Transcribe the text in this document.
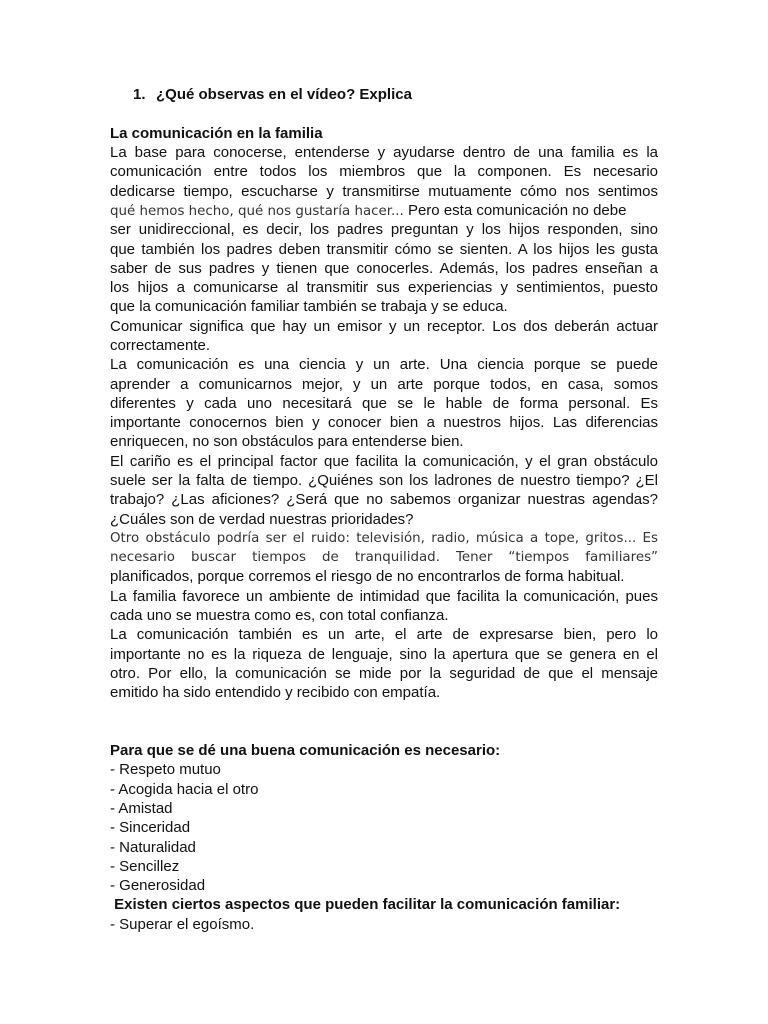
1. ¿Qué observas en el vídeo? Explica
La comunicación en la familia
La base para conocerse, entenderse y ayudarse dentro de una familia es la
comunicación entre todos los miembros que la componen. Es necesario
dedicarse tiempo, escucharse y transmitirse mutuamente cómo nos sentimos
qué hemos hecho, qué nos gustaría hacer... Pero esta comunicación no debe
ser unidireccional, es decir, los padres preguntan y los hijos responden, sino
que también los padres deben transmitir cómo se sienten. A los hijos les gusta
saber de sus padres y tienen que conocerles. Además, los padres enseñan a
los hijos a comunicarse al transmitir sus experiencias y sentimientos, puesto
que la comunicación familiar también se trabaja y se educa.
Comunicar significa que hay un emisor y un receptor. Los dos deberán actuar
correctamente.
La comunicación es una ciencia y un arte. Una ciencia porque se puede
aprender a comunicarnos mejor, y un arte porque todos, en casa, somos
diferentes y cada uno necesitará que se le hable de forma personal. Es
importante conocernos bien y conocer bien a nuestros hijos. Las diferencias
enriquecen, no son obstáculos para entenderse bien.
El cariño es el principal factor que facilita la comunicación, y el gran obstáculo
suele ser la falta de tiempo. ¿Quiénes son los ladrones de nuestro tiempo? ¿El
trabajo? ¿Las aficiones? ¿Será que no sabemos organizar nuestras agendas?
¿Cuáles son de verdad nuestras prioridades?
Otro obstáculo podría ser el ruido: televisión, radio, música a tope, gritos... Es
necesario buscar tiempos de tranquilidad. Tener “tiempos familiares”
planificados, porque corremos el riesgo de no encontrarlos de forma habitual.
La familia favorece un ambiente de intimidad que facilita la comunicación, pues
cada uno se muestra como es, con total confianza.
La comunicación también es un arte, el arte de expresarse bien, pero lo
importante no es la riqueza de lenguaje, sino la apertura que se genera en el
otro. Por ello, la comunicación se mide por la seguridad de que el mensaje
emitido ha sido entendido y recibido con empatía.
Para que se dé una buena comunicación es necesario:
- Respeto mutuo
- Acogida hacia el otro
- Amistad
- Sinceridad
- Naturalidad
- Sencillez
- Generosidad
Existen ciertos aspectos que pueden facilitar la comunicación familiar:
- Superar el egoísmo.
